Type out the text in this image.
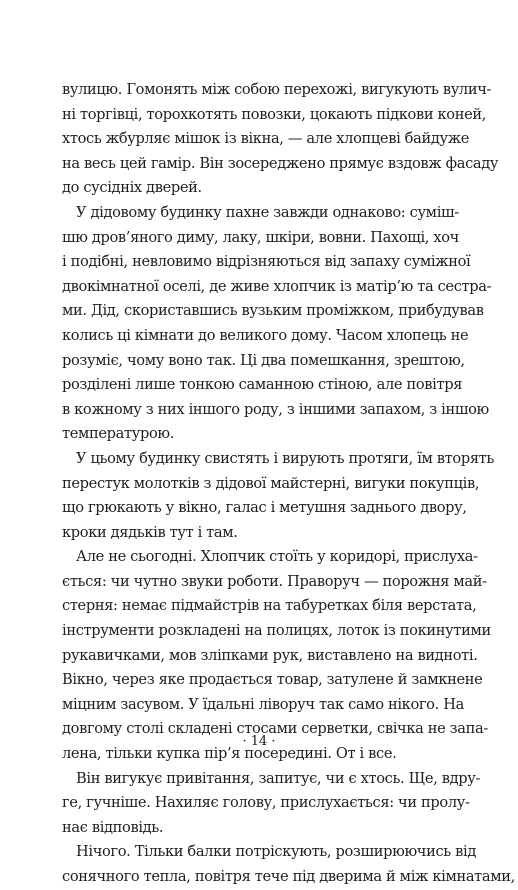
вулицю. Гомонять між собою перехожі, вигукують вулич-
ні торгівці, торохкотять повозки, цокають підкови коней,
хтось жбурляє мішок із вікна, — але хлопцеві байдуже
на весь цей гамір. Він зосереджено прямує вздовж фасаду
до сусідніх дверей.
У дідовому будинку пахне завжди однаково: суміш-
шю дров’яного диму, лаку, шкіри, вовни. Пахощі, хоч
і подібні, невловимо відрізняються від запаху суміжної
двокімнатної оселі, де живе хлопчик із матір’ю та сестра-
ми. Дід, скориставшись вузьким проміжком, прибудував
колись ці кімнати до великого дому. Часом хлопець не
розуміє, чому воно так. Ці два помешкання, зрештою,
розділені лише тонкою саманною стіною, але повітря
в кожному з них іншого роду, з іншими запахом, з іншою
температурою.
У цьому будинку свистять і вирують протяги, їм вторять
перестук молотків з дідової майстерні, вигуки покупців,
що грюкають у вікно, галас і метушня заднього двору,
кроки дядьків тут і там.
Але не сьогодні. Хлопчик стоїть у коридорі, прислуха-
ється: чи чутно звуки роботи. Праворуч — порожня май-
стерня: немає підмайстрів на табуретках біля верстата,
інструменти розкладені на полицях, лоток із покинутими
рукавичками, мов зліпками рук, виставлено на видноті.
Вікно, через яке продається товар, затулене й замкнене
міцним засувом. У їдальні ліворуч так само нікого. На
довгому столі складені стосами серветки, свічка не запа-
лена, тільки купка пір’я посередині. От і все.
Він вигукує привітання, запитує, чи є хтось. Ще, вдру-
ге, гучніше. Нахиляє голову, прислухається: чи пролу-
нає відповідь.
Нічого. Тільки балки потріскують, розширюючись від
сонячного тепла, повітря тече під дверима й між кімнатами,
· 14 ·
